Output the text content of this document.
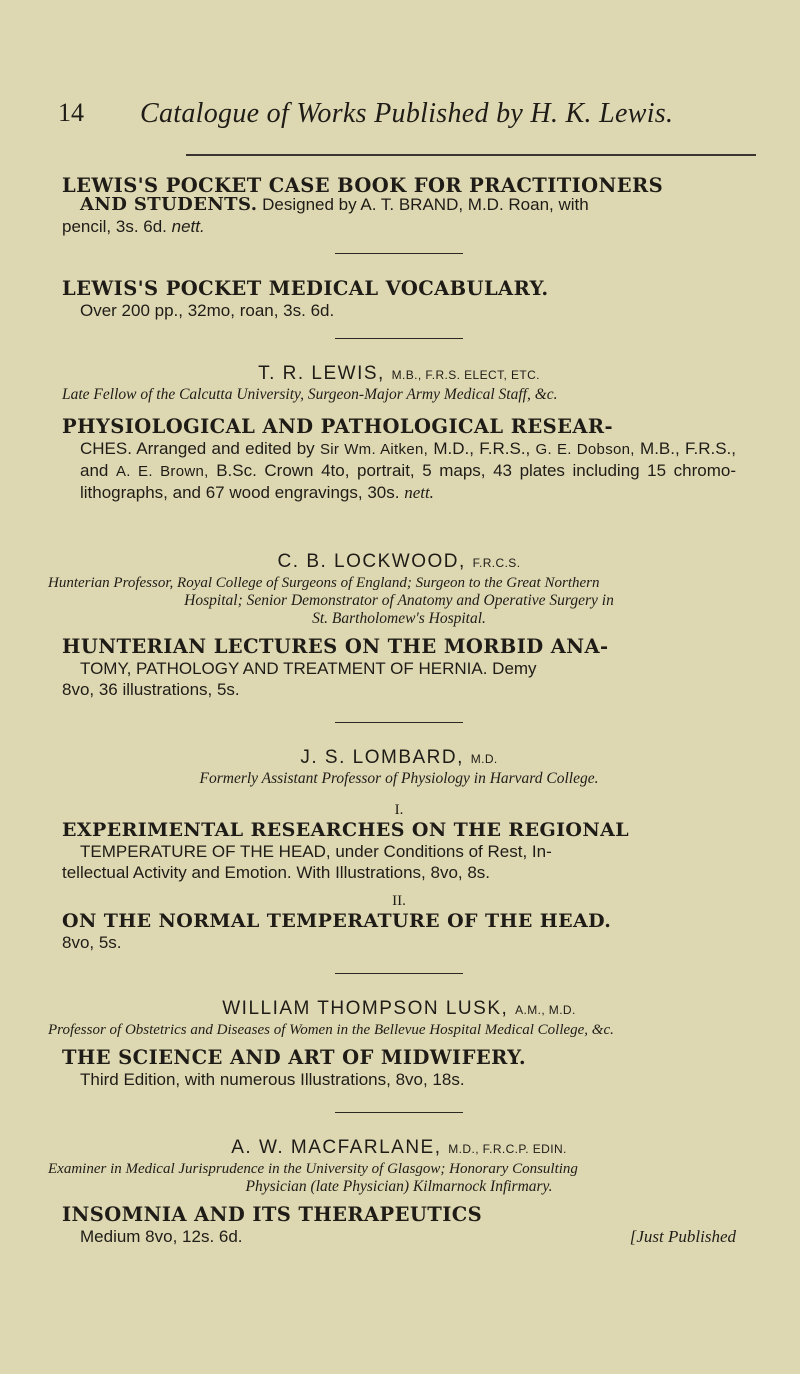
14 Catalogue of Works Published by H. K. Lewis.
LEWIS'S POCKET CASE BOOK FOR PRACTITIONERS
AND STUDENTS. Designed by A. T. BRAND, M.D. Roan, with
pencil, 3s. 6d. nett.
LEWIS'S POCKET MEDICAL VOCABULARY.
Over 200 pp., 32mo, roan, 3s. 6d.
T. R. LEWIS, M.B., F.R.S. ELECT, ETC.
Late Fellow of the Calcutta University, Surgeon-Major Army Medical Staff, &c.
PHYSIOLOGICAL AND PATHOLOGICAL RESEAR-
CHES. Arranged and edited by Sir Wm. Aitken, M.D., F.R.S., G. E. Dobson, M.B., F.R.S., and A. E. Brown, B.Sc. Crown 4to, portrait, 5 maps, 43 plates including 15 chromo-lithographs, and 67 wood engravings, 30s. nett.
C. B. LOCKWOOD, F.R.C.S.
Hunterian Professor, Royal College of Surgeons of England; Surgeon to the Great Northern
Hospital; Senior Demonstrator of Anatomy and Operative Surgery in
St. Bartholomew's Hospital.
HUNTERIAN LECTURES ON THE MORBID ANA-
TOMY, PATHOLOGY AND TREATMENT OF HERNIA. Demy
8vo, 36 illustrations, 5s.
J. S. LOMBARD, M.D.
Formerly Assistant Professor of Physiology in Harvard College.
I.
EXPERIMENTAL RESEARCHES ON THE REGIONAL
TEMPERATURE OF THE HEAD, under Conditions of Rest, In-
tellectual Activity and Emotion. With Illustrations, 8vo, 8s.
II.
ON THE NORMAL TEMPERATURE OF THE HEAD.
8vo, 5s.
WILLIAM THOMPSON LUSK, A.M., M.D.
Professor of Obstetrics and Diseases of Women in the Bellevue Hospital Medical College, &c.
THE SCIENCE AND ART OF MIDWIFERY.
Third Edition, with numerous Illustrations, 8vo, 18s.
A. W. MACFARLANE, M.D., F.R.C.P. EDIN.
Examiner in Medical Jurisprudence in the University of Glasgow; Honorary Consulting
Physician (late Physician) Kilmarnock Infirmary.
INSOMNIA AND ITS THERAPEUTICS
Medium 8vo, 12s. 6d.	[Just Published
